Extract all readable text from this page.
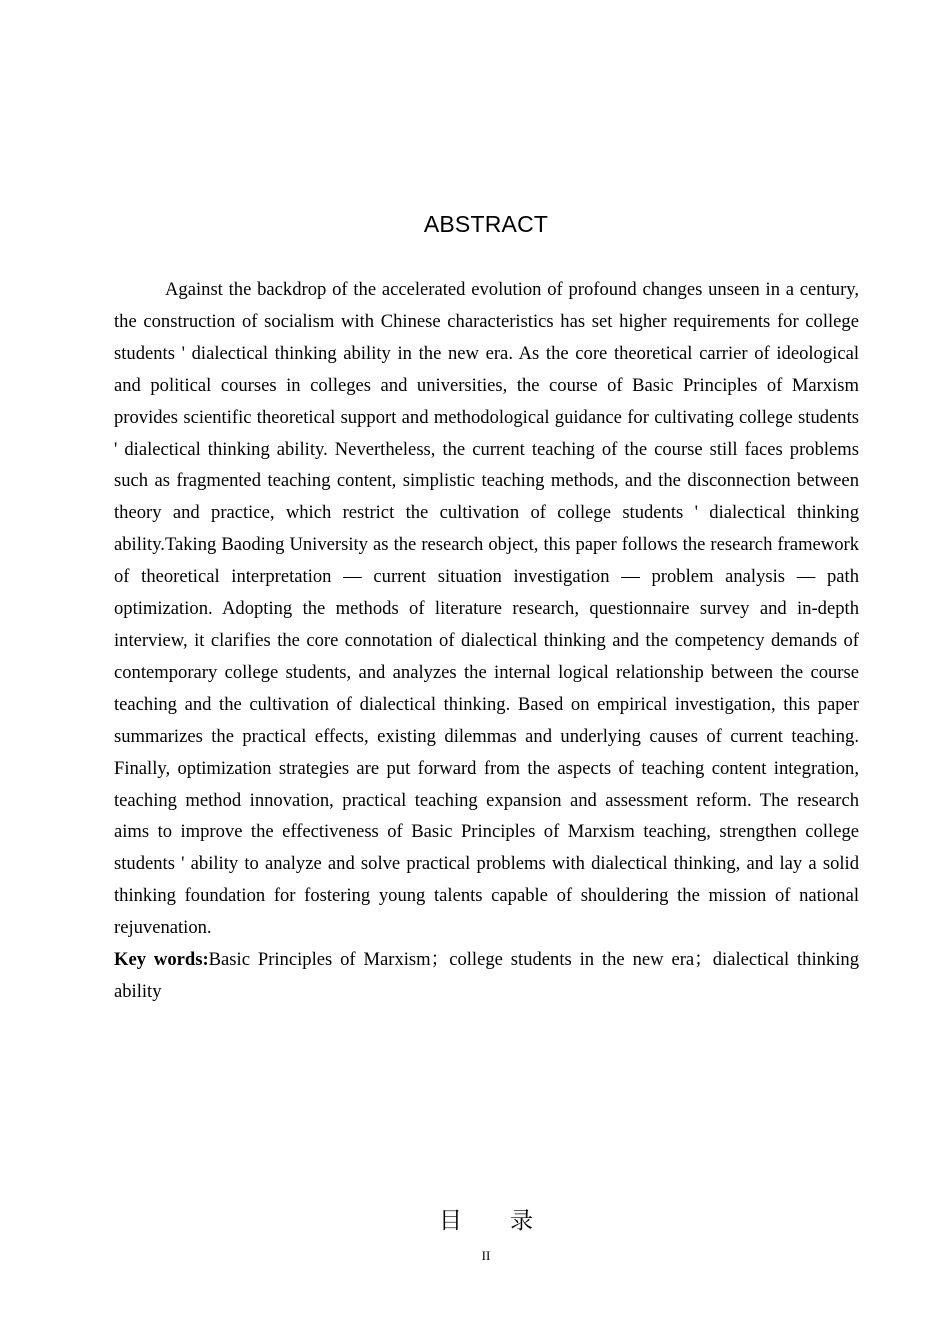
ABSTRACT

Against the backdrop of the accelerated evolution of profound changes unseen in a century, the construction of socialism with Chinese characteristics has set higher requirements for college students ' dialectical thinking ability in the new era. As the core theoretical carrier of ideological and political courses in colleges and universities, the course of Basic Principles of Marxism provides scientific theoretical support and methodological guidance for cultivating college students ' dialectical thinking ability. Nevertheless, the current teaching of the course still faces problems such as fragmented teaching content, simplistic teaching methods, and the disconnection between theory and practice, which restrict the cultivation of college students ' dialectical thinking ability.Taking Baoding University as the research object, this paper follows the research framework of theoretical interpretation — current situation investigation — problem analysis — path optimization. Adopting the methods of literature research, questionnaire survey and in-depth interview, it clarifies the core connotation of dialectical thinking and the competency demands of contemporary college students, and analyzes the internal logical relationship between the course teaching and the cultivation of dialectical thinking. Based on empirical investigation, this paper summarizes the practical effects, existing dilemmas and underlying causes of current teaching. Finally, optimization strategies are put forward from the aspects of teaching content integration, teaching method innovation, practical teaching expansion and assessment reform. The research aims to improve the effectiveness of Basic Principles of Marxism teaching, strengthen college students ' ability to analyze and solve practical problems with dialectical thinking, and lay a solid thinking foundation for fostering young talents capable of shouldering the mission of national rejuvenation.

Key words:Basic Principles of Marxism；college students in the new era；dialectical thinking ability

目录
II
